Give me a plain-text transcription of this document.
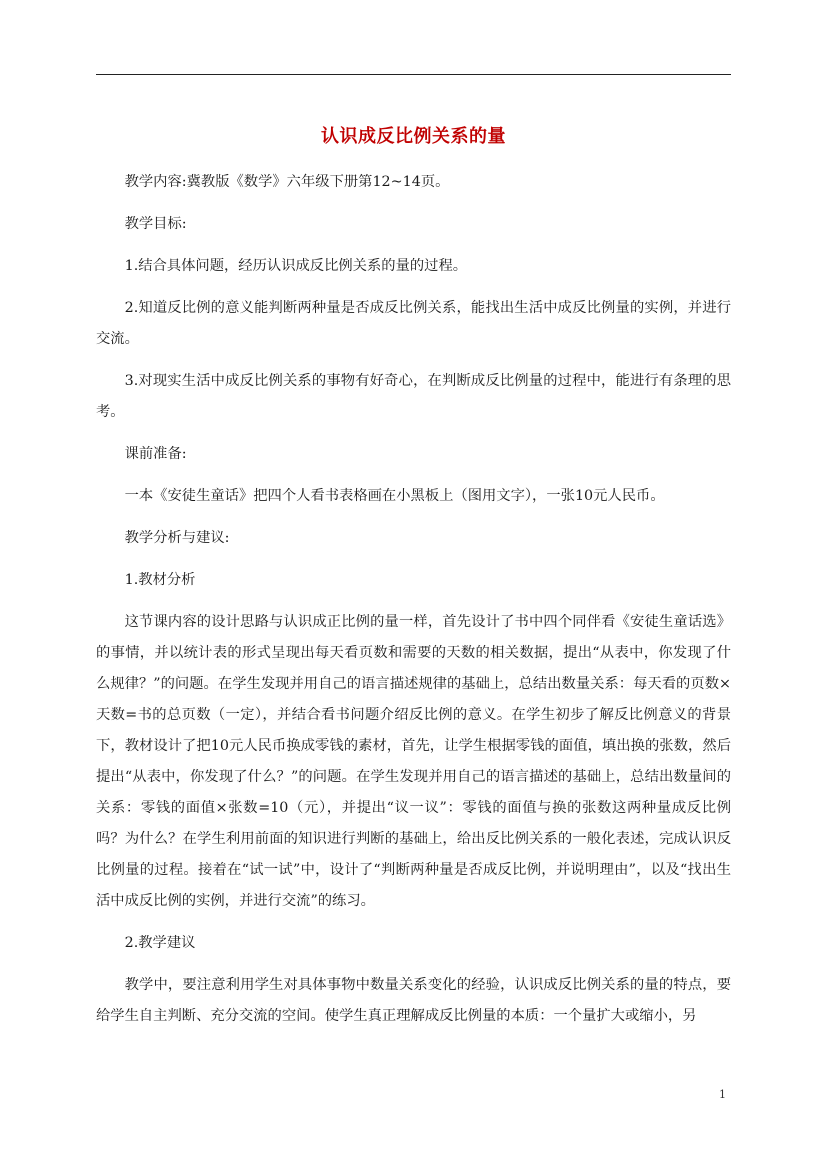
认识成反比例关系的量

教学内容:冀教版《数学》六年级下册第12~14页。

教学目标:

1.结合具体问题，经历认识成反比例关系的量的过程。

2.知道反比例的意义能判断两种量是否成反比例关系，能找出生活中成反比例量的实例，并进行交流。

3.对现实生活中成反比例关系的事物有好奇心，在判断成反比例量的过程中，能进行有条理的思考。

课前准备:

一本《安徒生童话》把四个人看书表格画在小黑板上（图用文字），一张10元人民币。

教学分析与建议:

1.教材分析

这节课内容的设计思路与认识成正比例的量一样，首先设计了书中四个同伴看《安徒生童话选》的事情，并以统计表的形式呈现出每天看页数和需要的天数的相关数据，提出“从表中，你发现了什么规律？”的问题。在学生发现并用自己的语言描述规律的基础上，总结出数量关系：每天看的页数×天数=书的总页数（一定），并结合看书问题介绍反比例的意义。在学生初步了解反比例意义的背景下，教材设计了把10元人民币换成零钱的素材，首先，让学生根据零钱的面值，填出换的张数，然后提出“从表中，你发现了什么？”的问题。在学生发现并用自己的语言描述的基础上，总结出数量间的关系：零钱的面值×张数=10（元），并提出“议一议”：零钱的面值与换的张数这两种量成反比例吗？为什么？在学生利用前面的知识进行判断的基础上，给出反比例关系的一般化表述，完成认识反比例量的过程。接着在“试一试”中，设计了“判断两种量是否成反比例，并说明理由”，以及“找出生活中成反比例的实例，并进行交流”的练习。

2.教学建议

教学中，要注意利用学生对具体事物中数量关系变化的经验，认识成反比例关系的量的特点，要给学生自主判断、充分交流的空间。使学生真正理解成反比例量的本质：一个量扩大或缩小，另

1
